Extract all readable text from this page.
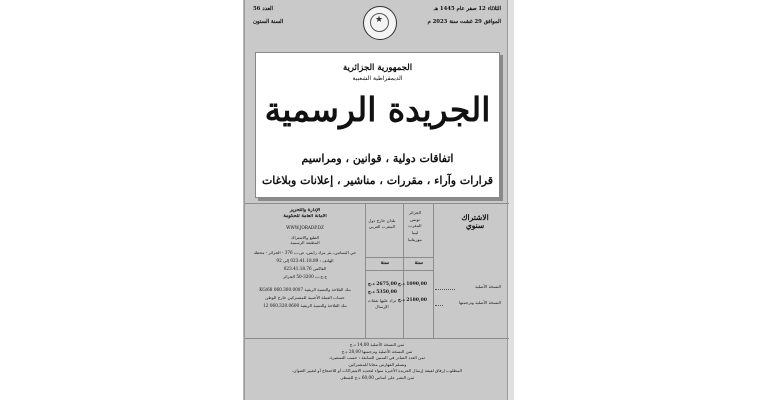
الثلاثاء 12 صفر عام 1445 هـ
الموافق 29 غشت سنة 2023 م
★
العدد 56
السنة الستون
الجمهورية الجزائرية
الديمقراطية الشعبية
الجريدة الرسمية
اتفاقات دولية ، قوانين ، ومراسيم
قرارات وآراء ، مقررات ، مناشير ، إعلانات وبلاغات
الاشتراك سنوي
النسخة الأصلية
النسخة الأصلية وترجمتها
الجزائر
تونس
المغرب
ليبيا
موريتانيا
بلدان خارج دول المغرب العربي
سنة
سنة
1090,00 د.ج
2180,00 د.ج
2675,00 د.ج
5350,00 د.ج
تزاد عليها نفقات الإرسال
الإدارة والتحرير
الأمانة العامة للحكومة
WWW.JORADP.DZ
الطبع والاشتراك
المطبعة الرسمية
حي البساتين، بئر مراد رايس، ص.ب 376 - الجزائر - محطة
الهاتف : 023.41.18.89 إلى 92
الفاكس 023.41.18.76
ح.ج.ب 3200-50 الجزائر
بنك الفلاحة والتنمية الريفية 060.300.0007 68/KG
حساب العملة الأجنبية للمشتركين خارج الوطن
بنك الفلاحة والتنمية الريفية 060.320.0600 12
ثمن النسخة الأصلية 14,00 د.ج
ثمن النسخة الأصلية وترجمتها 28,00 د.ج
ثمن العدد الصادر في السنين السابقة : حسب التسعيرة.
وتسلم الفهارس مجانا للمشتركين.
المطلوب إرفاق لفيفة إرسال الجريدة الأخيرة سواء لتجديد الاشتراكات أو للاحتجاج أو لتغيير العنوان.
ثمن النشر على أساس 60,00 د.ج للسطر.
